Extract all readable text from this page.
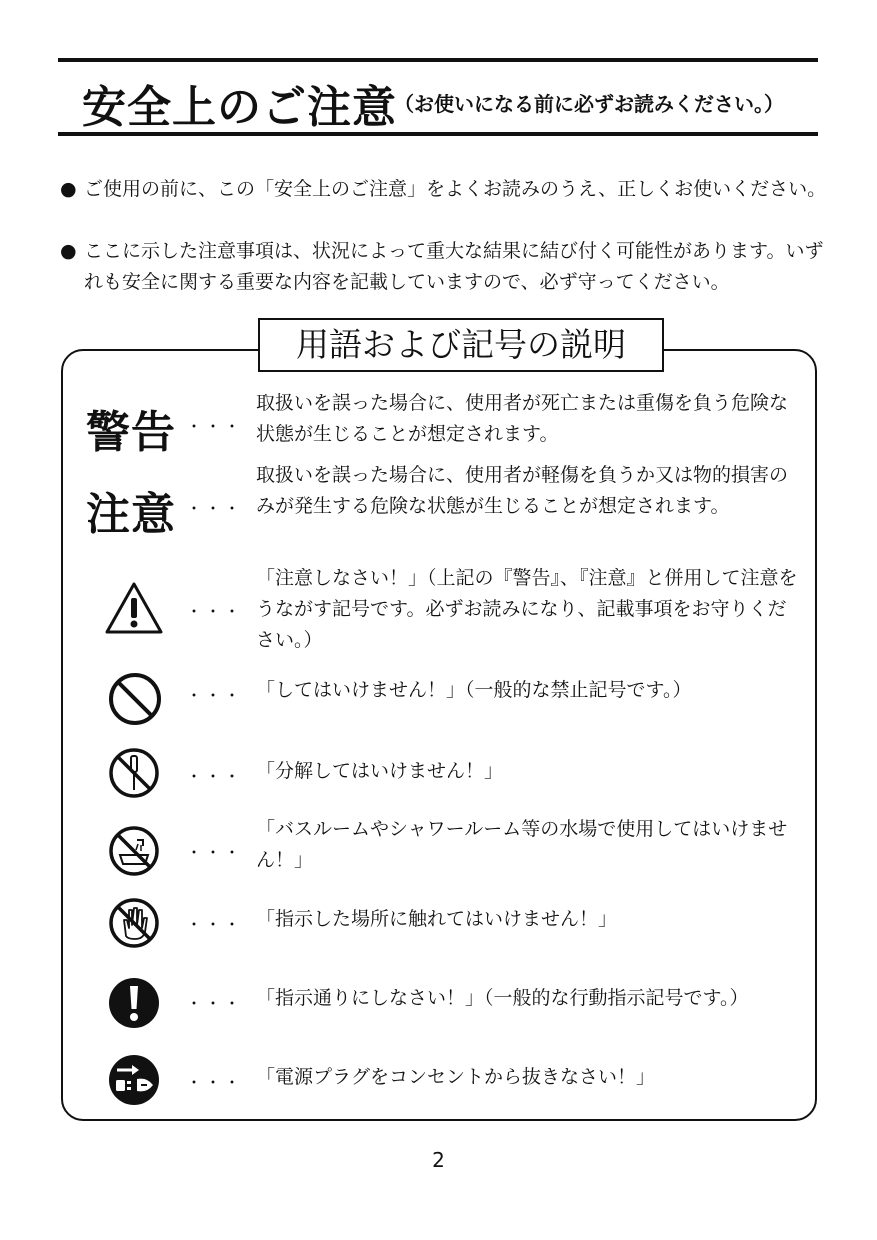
安全上のご注意
（お使いになる前に必ずお読みください。）
● ご使用の前に、この「安全上のご注意」をよくお読みのうえ、正しくお使いください。
● ここに示した注意事項は、状況によって重大な結果に結び付く可能性があります。いずれも安全に関する重要な内容を記載していますので、必ず守ってください。
用語および記号の説明
警告 ・・・
取扱いを誤った場合に、使用者が死亡または重傷を負う危険な状態が生じることが想定されます。
注意 ・・・
取扱いを誤った場合に、使用者が軽傷を負うか又は物的損害のみが発生する危険な状態が生じることが想定されます。
・・・
「注意しなさい！」（上記の『警告』、『注意』と併用して注意をうながす記号です。必ずお読みになり、記載事項をお守りください。）
・・・ 「してはいけません！」（一般的な禁止記号です。）
・・・ 「分解してはいけません！」
・・・
「バスルームやシャワールーム等の水場で使用してはいけません！」
・・・ 「指示した場所に触れてはいけません！」
・・・ 「指示通りにしなさい！」（一般的な行動指示記号です。）
・・・ 「電源プラグをコンセントから抜きなさい！」
2
